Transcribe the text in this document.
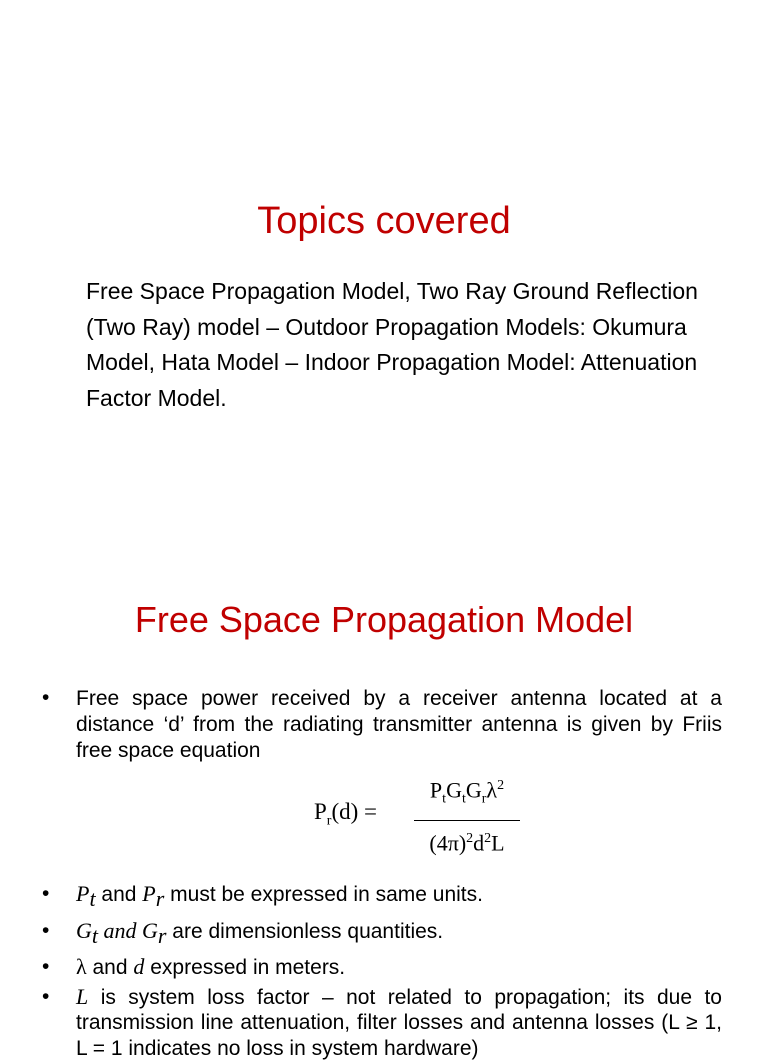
Topics covered

Free Space Propagation Model, Two Ray Ground Reflection (Two Ray) model – Outdoor Propagation Models: Okumura Model, Hata Model – Indoor Propagation Model: Attenuation Factor Model.

Free Space Propagation Model
• Free space power received by a receiver antenna located at a distance ‘d’ from the radiating transmitter antenna is given by Friis free space equation
$P_r(d)$ =
$P_tG_tG_r\lambda^2$
$(4\pi)^2d^2L$
• $P_t$ and $P_r$ must be expressed in same units.
• $G_t$ and $G_r$ are dimensionless quantities.
• λ and d expressed in meters.
• L is system loss factor – not related to propagation; its due to transmission line attenuation, filter losses and antenna losses (L ≥ 1, L = 1 indicates no loss in system hardware)
